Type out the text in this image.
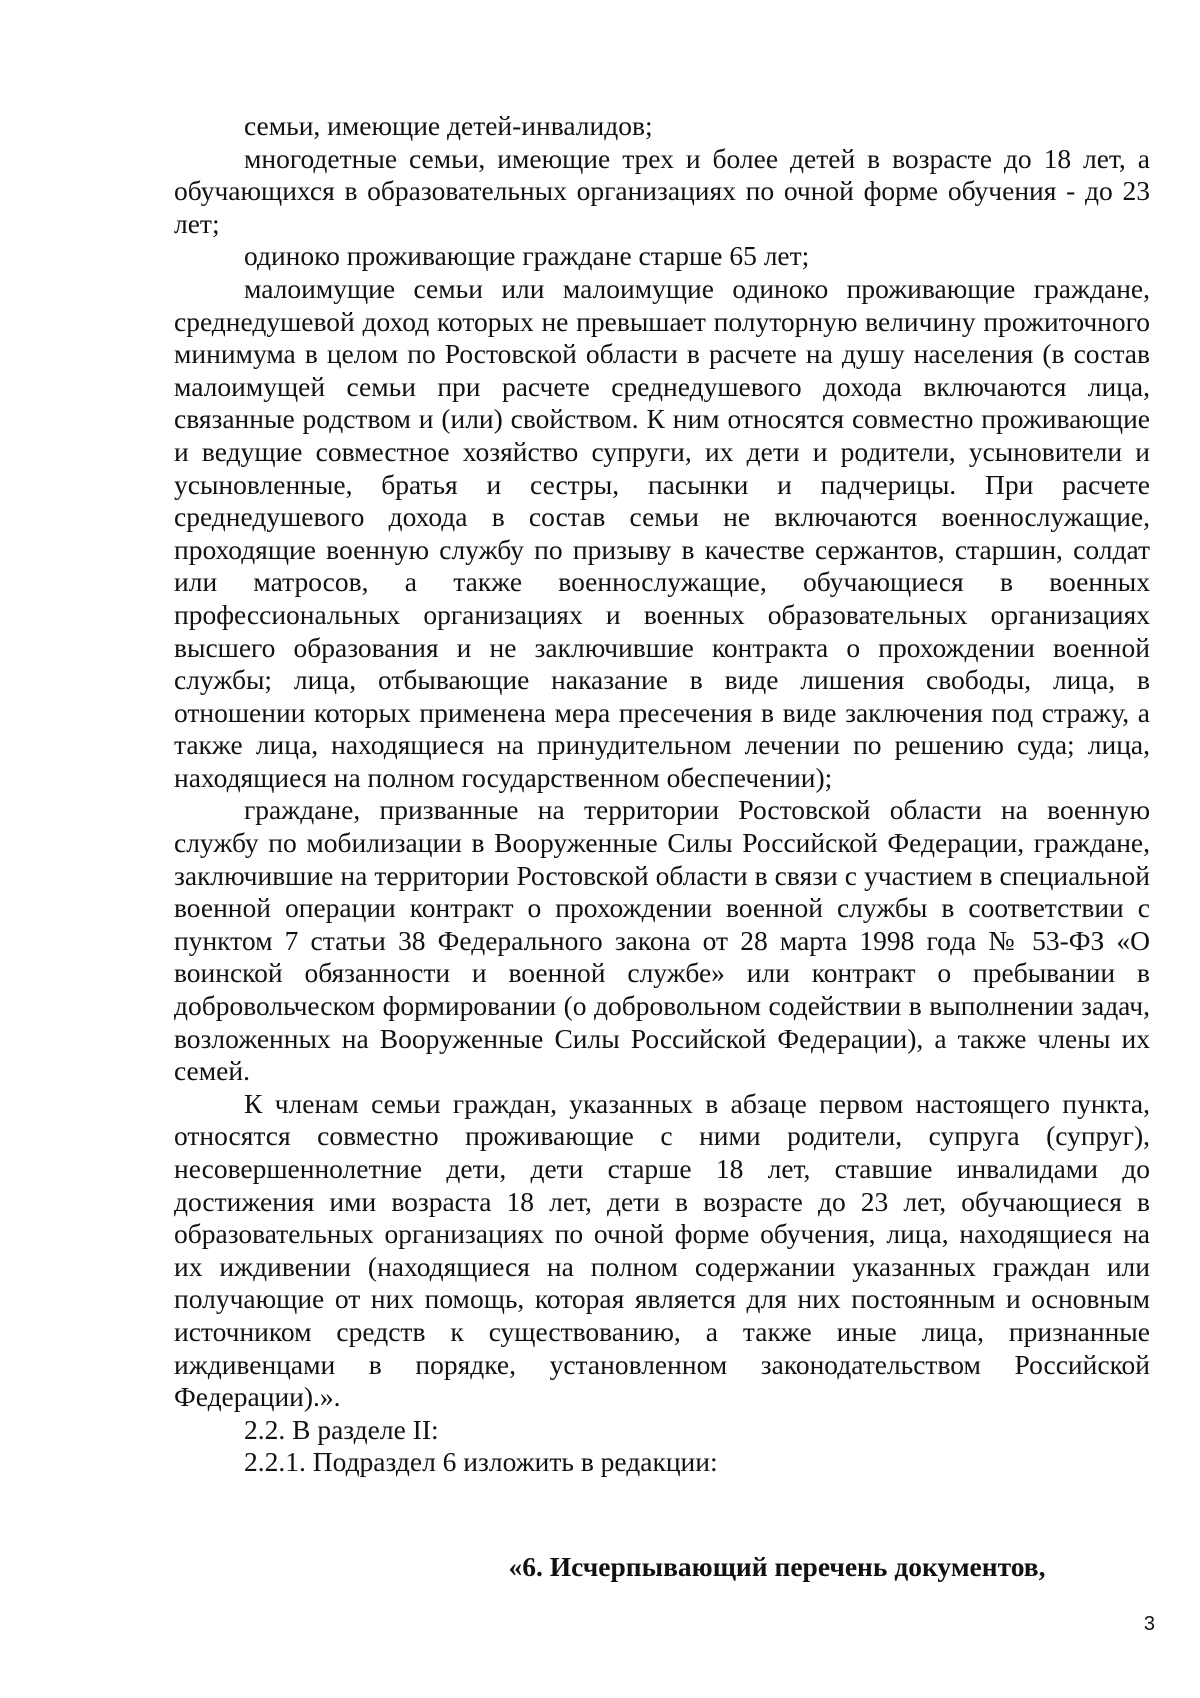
семьи, имеющие детей-инвалидов;

многодетные семьи, имеющие трех и более детей в возрасте до 18 лет, а обучающихся в образовательных организациях по очной форме обучения - до 23 лет;

одиноко проживающие граждане старше 65 лет;

малоимущие семьи или малоимущие одиноко проживающие граждане, среднедушевой доход которых не превышает полуторную величину прожиточного минимума в целом по Ростовской области в расчете на душу населения (в состав малоимущей семьи при расчете среднедушевого дохода включаются лица, связанные родством и (или) свойством. К ним относятся совместно проживающие и ведущие совместное хозяйство супруги, их дети и родители, усыновители и усыновленные, братья и сестры, пасынки и падчерицы. При расчете среднедушевого дохода в состав семьи не включаются военнослужащие, проходящие военную службу по призыву в качестве сержантов, старшин, солдат или матросов, а также военнослужащие, обучающиеся в военных профессиональных организациях и военных образовательных организациях высшего образования и не заключившие контракта о прохождении военной службы; лица, отбывающие наказание в виде лишения свободы, лица, в отношении которых применена мера пресечения в виде заключения под стражу, а также лица, находящиеся на принудительном лечении по решению суда; лица, находящиеся на полном государственном обеспечении);

граждане, призванные на территории Ростовской области на военную службу по мобилизации в Вооруженные Силы Российской Федерации, граждане, заключившие на территории Ростовской области в связи с участием в специальной военной операции контракт о прохождении военной службы в соответствии с пунктом 7 статьи 38 Федерального закона от 28 марта 1998 года № 53-ФЗ «О воинской обязанности и военной службе» или контракт о пребывании в добровольческом формировании (о добровольном содействии в выполнении задач, возложенных на Вооруженные Силы Российской Федерации), а также члены их семей.

К членам семьи граждан, указанных в абзаце первом настоящего пункта, относятся совместно проживающие с ними родители, супруга (супруг), несовершеннолетние дети, дети старше 18 лет, ставшие инвалидами до достижения ими возраста 18 лет, дети в возрасте до 23 лет, обучающиеся в образовательных организациях по очной форме обучения, лица, находящиеся на их иждивении (находящиеся на полном содержании указанных граждан или получающие от них помощь, которая является для них постоянным и основным источником средств к существованию, а также иные лица, признанные иждивенцами в порядке, установленном законодательством Российской Федерации).».

2.2. В разделе II:

2.2.1. Подраздел 6 изложить в редакции:

«6. Исчерпывающий перечень документов,
3
